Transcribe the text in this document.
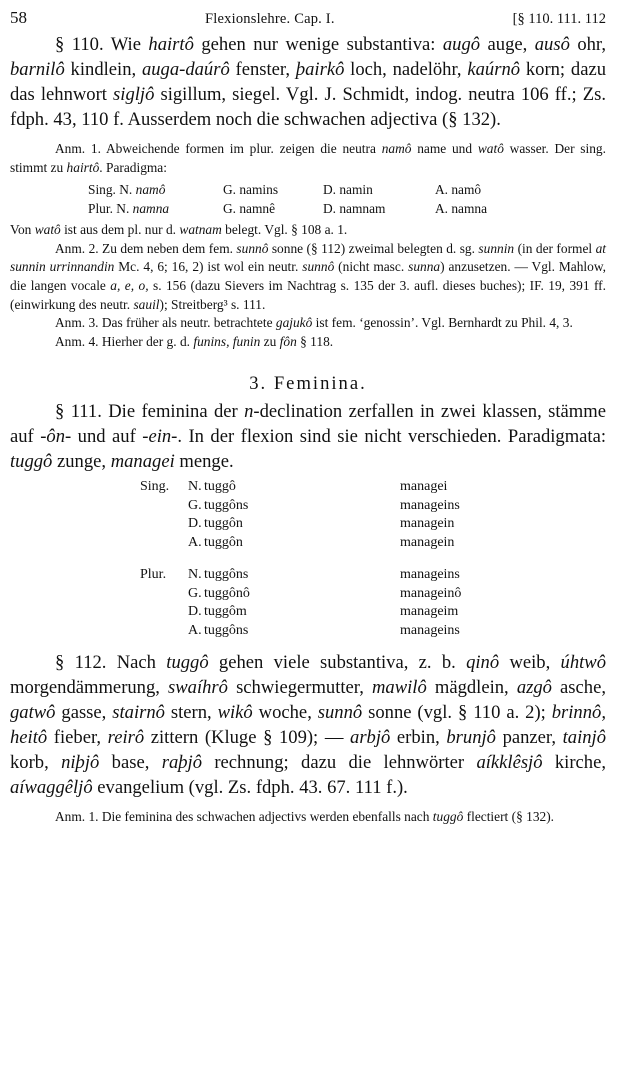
58	Flexionslehre. Cap. I.	[§ 110. 111. 112

§ 110. Wie hairtô gehen nur wenige substantiva: augô auge, ausô ohr, barnilô kindlein, auga-daúrô fenster, þairkô loch, nadelöhr, kaúrnô korn; dazu das lehnwort sigljô sigillum, siegel. Vgl. J. Schmidt, indog. neutra 106 ff.; Zs. fdph. 43, 110 f. Ausserdem noch die schwachen adjectiva (§ 132).

Anm. 1. Abweichende formen im plur. zeigen die neutra namô name und watô wasser. Der sing. stimmt zu hairtô. Paradigma:

Sing. N. namô	G. namins	D. namin	A. namô
Plur. N. namna	G. namnê	D. namnam	A. namna

Von watô ist aus dem pl. nur d. watnam belegt. Vgl. § 108 a. 1.

Anm. 2. Zu dem neben dem fem. sunnô sonne (§ 112) zweimal belegten d. sg. sunnin (in der formel at sunnin urrinnandin Mc. 4, 6; 16, 2) ist wol ein neutr. sunnô (nicht masc. sunna) anzusetzen. — Vgl. Mahlow, die langen vocale a, e, o, s. 156 (dazu Sievers im Nachtrag s. 135 der 3. aufl. dieses buches); IF. 19, 391 ff. (einwirkung des neutr. sauil); Streitberg³ s. 111.

Anm. 3. Das früher als neutr. betrachtete gajukô ist fem. ‘genossin’. Vgl. Bernhardt zu Phil. 4, 3.

Anm. 4. Hierher der g. d. funins, funin zu fôn § 118.

3. Feminina.

§ 111. Die feminina der n-declination zerfallen in zwei klassen, stämme auf -ôn- und auf -ein-. In der flexion sind sie nicht verschieden. Paradigmata: tuggô zunge, managei menge.

Sing.	N. tuggô	managei
G. tuggôns	manageins
D. tuggôn	managein
A. tuggôn	managein
Plur.	N. tuggôns	manageins
G. tuggônô	manageinô
D. tuggôm	manageim
A. tuggôns	manageins

§ 112. Nach tuggô gehen viele substantiva, z. b. qinô weib, úhtwô morgendämmerung, swaíhrô schwiegermutter, mawilô mägdlein, azgô asche, gatwô gasse, stairnô stern, wikô woche, sunnô sonne (vgl. § 110 a. 2); brinnô, heitô fieber, reirô zittern (Kluge § 109); — arbjô erbin, brunjô panzer, tainjô korb, niþjô base, raþjô rechnung; dazu die lehnwörter aíkklêsjô kirche, aíwaggêljô evangelium (vgl. Zs. fdph. 43. 67. 111 f.).

Anm. 1. Die feminina des schwachen adjectivs werden ebenfalls nach tuggô flectiert (§ 132).
